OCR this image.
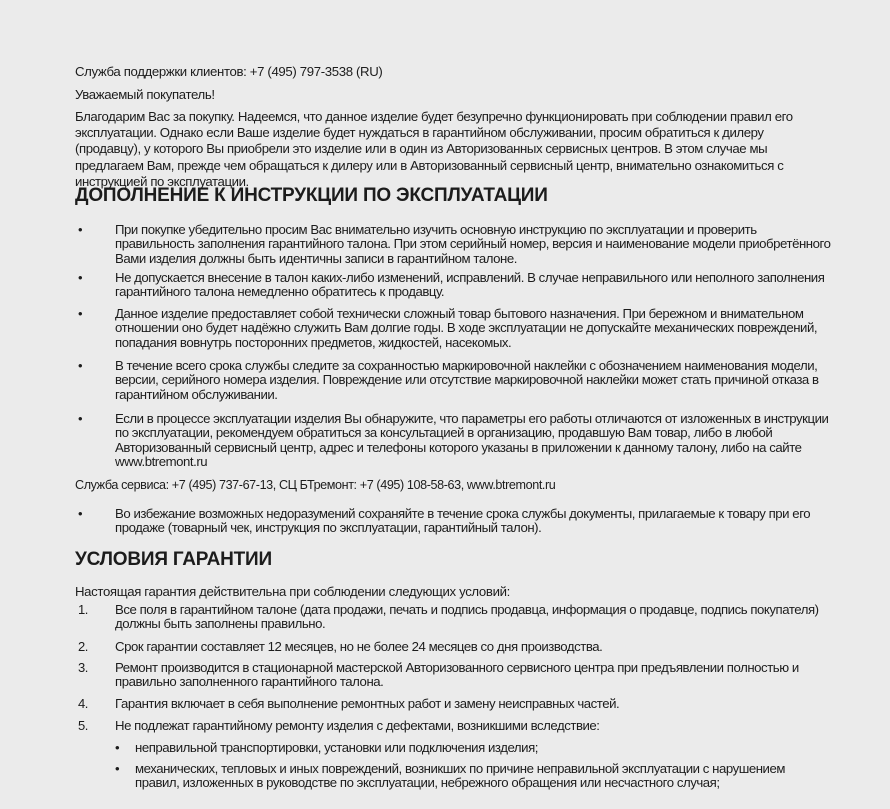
Служба поддержки клиентов: +7 (495) 797-3538 (RU)
Уважаемый покупатель!
Благодарим Вас за покупку. Надеемся, что данное изделие будет безупречно функционировать при соблюдении правил его эксплуатации. Однако если Ваше изделие будет нуждаться в гарантийном обслуживании, просим обратиться к дилеру (продавцу), у которого Вы приобрели это изделие или в один из Авторизованных сервисных центров. В этом случае мы предлагаем Вам, прежде чем обращаться к дилеру или в Авторизованный сервисный центр, внимательно ознакомиться с инструкцией по эксплуатации.
ДОПОЛНЕНИЕ К ИНСТРУКЦИИ ПО ЭКСПЛУАТАЦИИ
• При покупке убедительно просим Вас внимательно изучить основную инструкцию по эксплуатации и проверить правильность заполнения гарантийного талона. При этом серийный номер, версия и наименование модели приобретённого Вами изделия должны быть идентичны записи в гарантийном талоне.
• Не допускается внесение в талон каких-либо изменений, исправлений. В случае неправильного или неполного заполнения гарантийного талона немедленно обратитесь к продавцу.
• Данное изделие предоставляет собой технически сложный товар бытового назначения. При бережном и внимательном отношении оно будет надёжно служить Вам долгие годы. В ходе эксплуатации не допускайте механических повреждений, попадания вовнутрь посторонних предметов, жидкостей, насекомых.
• В течение всего срока службы следите за сохранностью маркировочной наклейки с обозначением наименования модели, версии, серийного номера изделия. Повреждение или отсутствие маркировочной наклейки может стать причиной отказа в гарантийном обслуживании.
• Если в процессе эксплуатации изделия Вы обнаружите, что параметры его работы отличаются от изложенных в инструкции по эксплуатации, рекомендуем обратиться за консультацией в организацию, продавшую Вам товар, либо в любой Авторизованный сервисный центр, адрес и телефоны которого указаны в приложении к данному талону, либо на сайте www.btremont.ru
Служба сервиса: +7 (495) 737-67-13, СЦ БТремонт: +7 (495) 108-58-63, www.btremont.ru
• Во избежание возможных недоразумений сохраняйте в течение срока службы документы, прилагаемые к товару при его продаже (товарный чек, инструкция по эксплуатации, гарантийный талон).
УСЛОВИЯ ГАРАНТИИ
Настоящая гарантия действительна при соблюдении следующих условий:
1. Все поля в гарантийном талоне (дата продажи, печать и подпись продавца, информация о продавце, подпись покупателя) должны быть заполнены правильно.
2. Срок гарантии составляет 12 месяцев, но не более 24 месяцев со дня производства.
3. Ремонт производится в стационарной мастерской Авторизованного сервисного центра при предъявлении полностью и правильно заполненного гарантийного талона.
4. Гарантия включает в себя выполнение ремонтных работ и замену неисправных частей.
5. Не подлежат гарантийному ремонту изделия с дефектами, возникшими вследствие:
• неправильной транспортировки, установки или подключения изделия;
• механических, тепловых и иных повреждений, возникших по причине неправильной эксплуатации с нарушением правил, изложенных в руководстве по эксплуатации, небрежного обращения или несчастного случая;
